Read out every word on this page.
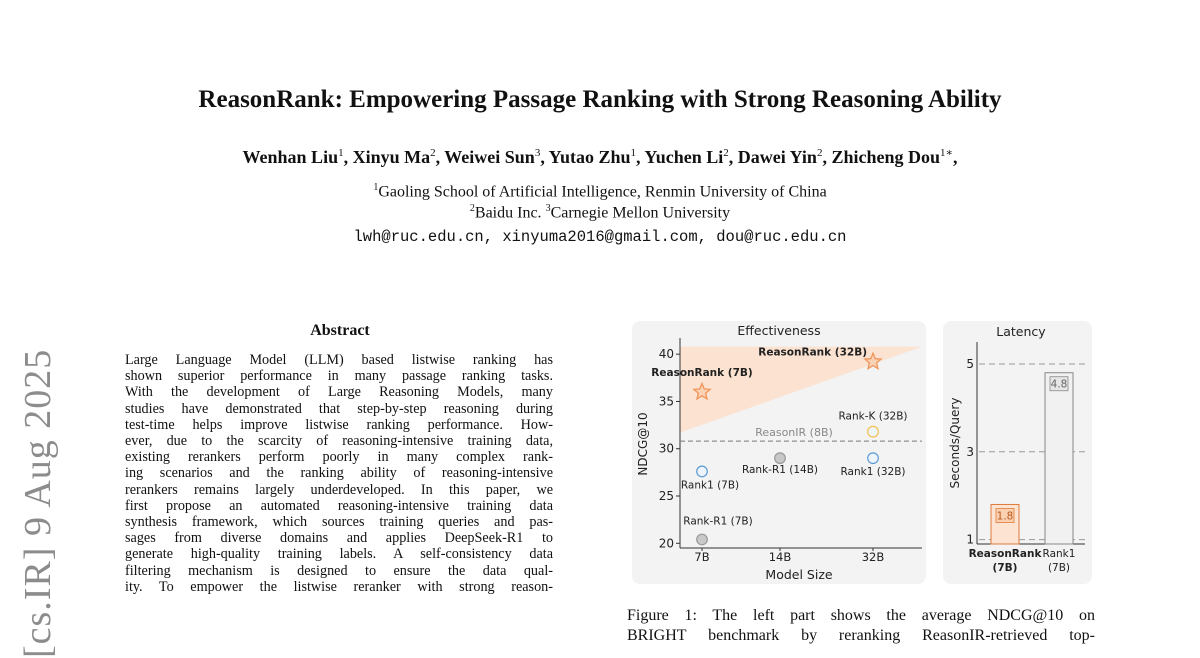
ReasonRank: Empowering Passage Ranking with Strong Reasoning Ability
Wenhan Liu$^1$, Xinyu Ma$^2$, Weiwei Sun$^3$, Yutao Zhu$^1$, Yuchen Li$^2$, Dawei Yin$^2$, Zhicheng Dou$^{1∗}$,
$^1$Gaoling School of Artificial Intelligence, Renmin University of China
$^2$Baidu Inc. $^3$Carnegie Mellon University
lwh@ruc.edu.cn, xinyuma2016@gmail.com, dou@ruc.edu.cn
[cs.IR] 9 Aug 2025
Abstract
Large Language Model (LLM) based listwise ranking has
shown superior performance in many passage ranking tasks.
With the development of Large Reasoning Models, many
studies have demonstrated that step-by-step reasoning during
test-time helps improve listwise ranking performance. How-
ever, due to the scarcity of reasoning-intensive training data,
existing rerankers perform poorly in many complex rank-
ing scenarios and the ranking ability of reasoning-intensive
rerankers remains largely underdeveloped. In this paper, we
first propose an automated reasoning-intensive training data
synthesis framework, which sources training queries and pas-
sages from diverse domains and applies DeepSeek-R1 to
generate high-quality training labels. A self-consistency data
filtering mechanism is designed to ensure the data qual-
ity. To empower the listwise reranker with strong reason-
20
25
30
35
40
7B	14B	32B
Effectiveness
Model Size
NDCG@10	ReasonIR (8B)
ReasonRank (7B)
ReasonRank (32B)
Rank-K (32B)
Rank1 (7B)
Rank-R1 (14B) Rank1 (32B)
Rank-R1 (7B)
Latency
Seconds/Query
1
3
5
1.8
ReasonRank
(7B)
4.8
Rank1
(7B)
Figure 1: The left part shows the average NDCG@10 on
BRIGHT benchmark by reranking ReasonIR-retrieved top-
